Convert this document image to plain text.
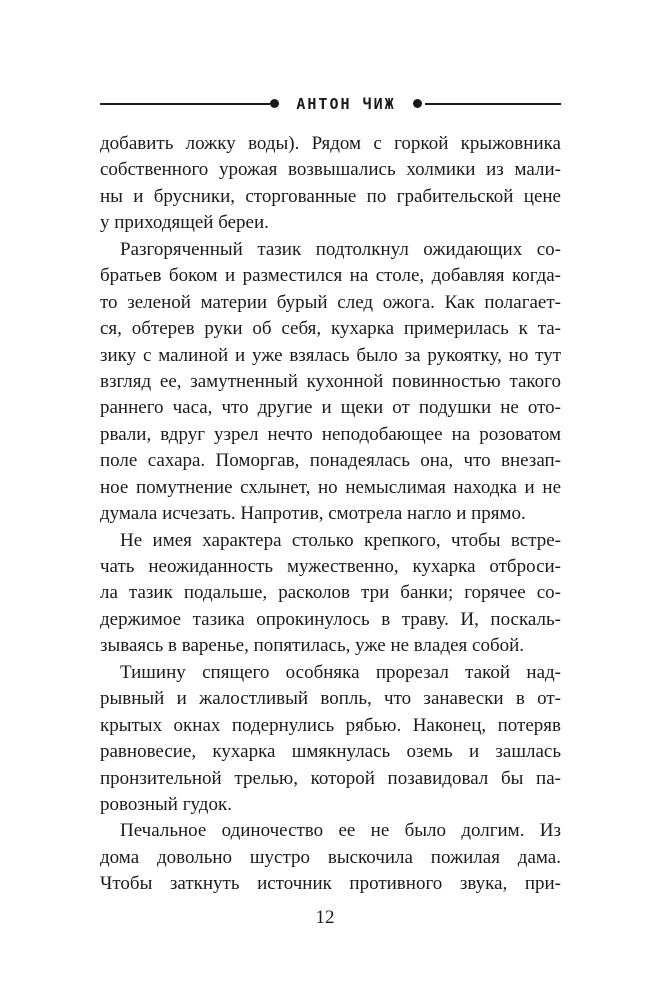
АНТОН ЧИЖ
добавить ложку воды). Рядом с горкой крыжовника
собственного урожая возвышались холмики из мали-
ны и брусники, сторгованные по грабительской цене
у приходящей береи.
Разгоряченный тазик подтолкнул ожидающих со-
братьев боком и разместился на столе, добавляя когда-
то зеленой материи бурый след ожога. Как полагает-
ся, обтерев руки об себя, кухарка примерилась к та-
зику с малиной и уже взялась было за рукоятку, но тут
взгляд ее, замутненный кухонной повинностью такого
раннего часа, что другие и щеки от подушки не ото-
рвали, вдруг узрел нечто неподобающее на розоватом
поле сахара. Поморгав, понадеялась она, что внезап-
ное помутнение схлынет, но немыслимая находка и не
думала исчезать. Напротив, смотрела нагло и прямо.
Не имея характера столько крепкого, чтобы встре-
чать неожиданность мужественно, кухарка отброси-
ла тазик подальше, расколов три банки; горячее со-
держимое тазика опрокинулось в траву. И, поскаль-
зываясь в варенье, попятилась, уже не владея собой.
Тишину спящего особняка прорезал такой над-
рывный и жалостливый вопль, что занавески в от-
крытых окнах подернулись рябью. Наконец, потеряв
равновесие, кухарка шмякнулась оземь и зашлась
пронзительной трелью, которой позавидовал бы па-
ровозный гудок.
Печальное одиночество ее не было долгим. Из
дома довольно шустро выскочила пожилая дама.
Чтобы заткнуть источник противного звука, при-
12
